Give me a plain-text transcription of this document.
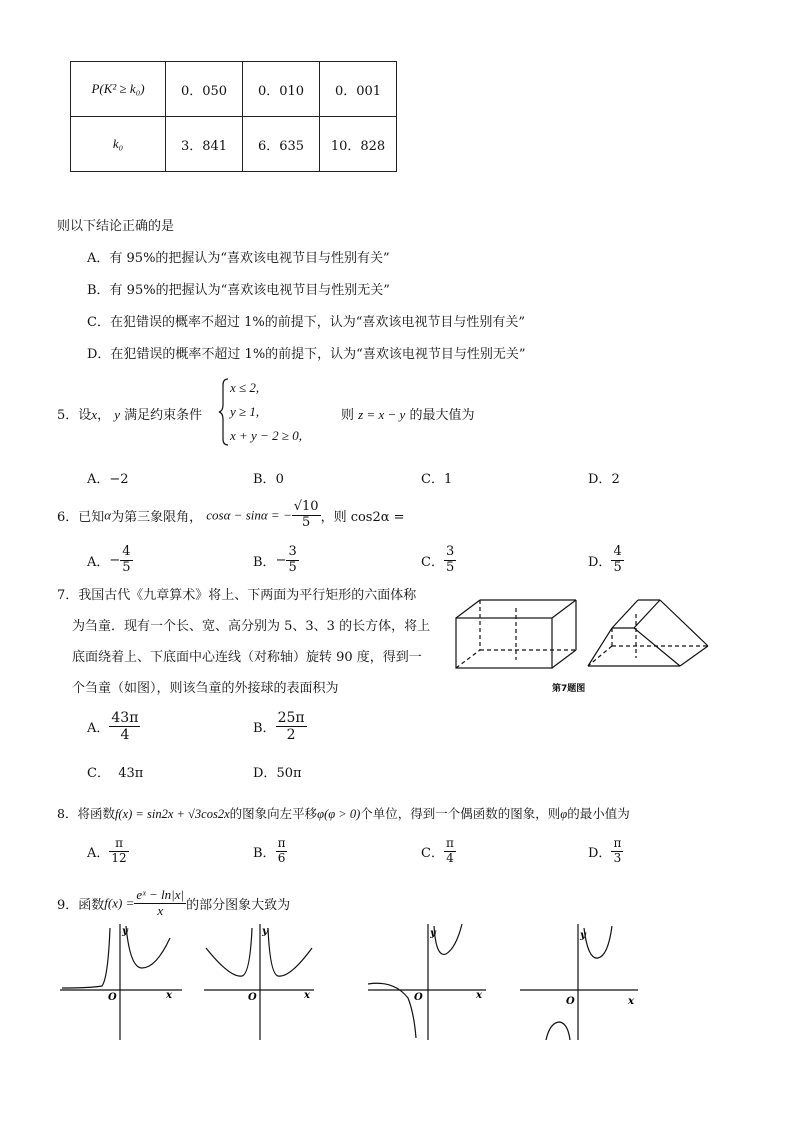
P(K² ≥ k₀)	0．050	0．010	0．001
k₀	3．841	6．635	10．828
则以下结论正确的是
A．有 95%的把握认为“喜欢该电视节目与性别有关”
B．有 95%的把握认为“喜欢该电视节目与性别无关”
C．在犯错误的概率不超过 1%的前提下，认为“喜欢该电视节目与性别有关”
D．在犯错误的概率不超过 1%的前提下，认为“喜欢该电视节目与性别无关”
5．设x， y 满足约束条件
x ≤ 2,
y ≥ 1,
x + y − 2 ≥ 0,
则 z = x − y 的最大值为
A．−2	B．0	C．1	D．2
6．已知α为第三象限角， cosα − sinα = − $\frac{√10}{5}$ ，则 cos2α =
A．− $\frac{4}{5}$	B．− $\frac{3}{5}$	C． $\frac{3}{5}$	D． $\frac{4}{5}$
7．我国古代《九章算术》将上、下两面为平行矩形的六面体称
为刍童．现有一个长、宽、高分别为 5、3、3 的长方体，将上
底面绕着上、下底面中心连线（对称轴）旋转 90 度，得到一
个刍童（如图），则该刍童的外接球的表面积为	第7题图
A． $\frac{43\pi}{4}$	B． $\frac{25\pi}{2}$
C． 43π	D．50π
8．将函数f(x) = sin2x + √3cos2x的图象向左平移φ(φ > 0)个单位，得到一个偶函数的图象，则φ的最小值为
A． $\frac{\pi}{12}$	B． $\frac{\pi}{6}$	C． $\frac{\pi}{4}$	D． $\frac{\pi}{3}$
9．函数$f(x) = \frac{\text{eˣ − ln|x|}}{x}$ 的部分图象大致为
O	x
y
O	x
y
O	x
y
O	x
y
